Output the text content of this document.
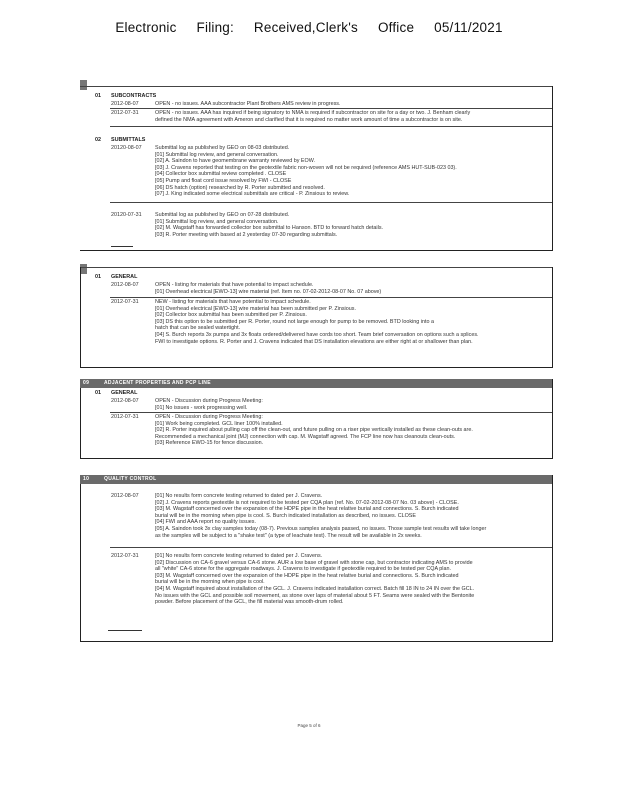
Electronic Filing: Received,Clerk's Office 05/11/2021
01 SUBCONTRACTS
2012-08-07	OPEN - no issues. AAA subcontractor Plant Brothers AMS review in progress.
2012-07-31	OPEN - no issues. AAA has inquired if being signatory to NMA is required if subcontractor on site for a day or two. J. Benham clearly
defined the NMA agreement with Ameron and clarified that it is required no matter work amount of time a subcontractor is on site.
02 SUBMITTALS
20120-08-07 Submittal log as published by GEO on 08-03 distributed.
[01] Submittal log review, and general conversation.
[02] A. Saindon to have geomembrane warranty reviewed by EOW.
[03] J. Cravens reported that testing on the geotextile fabric non-woven will not be required (reference AMS HUT-SUB-023 03).
[04] Collector box submittal review completed . CLOSE
[05] Pump and float cord issue resolved by FWI - CLOSE
[06] DS hatch (option) researched by R. Porter submitted and resolved.
[07] J. King indicated some electrical submittals are critical - P. Zinsious to review.
20120-07-31 Submittal log as published by GEO on 07-28 distributed.
[01] Submittal log review, and general conversation.
[02] M. Wagstaff has forwarded collector box submittal to Hanson. BTD to forward hatch details.
[03] R. Porter meeting with based at 2 yesterday 07-30 regarding submittals.
01 GENERAL
2012-08-07	OPEN - listing for materials that have potential to impact schedule.
[01] Overhead electrical [EWO-13] wire material (ref. Item no. 07-02-2012-08-07 No. 07 above)
2012-07-31	NEW - listing for materials that have potential to impact schedule.
[01] Overhead electrical [EWO-13] wire material has been submitted per P. Zinsious.
[02] Collector box submittal has been submitted per P. Zinsious.
[03] DS this option to be submitted per R. Porter, round not large enough for pump to be removed. BTD looking into a
hatch that can be sealed watertight.
[04] S. Burch reports 3x pumps and 3x floats ordered/delivered have cords too short. Team brief conversation on options such a splices.
FWI to investigate options. R. Porter and J. Cravens indicated that DS installation elevations are either right at or shallower than plan.
09	ADJACENT PROPERTIES AND PCP LINE
01 GENERAL
2012-08-07	OPEN - Discussion during Progress Meeting:
[01] No issues - work progressing well.
2012-07-31	OPEN - Discussion during Progress Meeting:
[01] Work being completed. GCL liner 100% installed.
[02] R. Porter inquired about pulling cap off the clean-out, and future pulling on a riser pipe vertically installed as these clean-outs are.
Recommended a mechanical joint (MJ) connection with cap. M. Wagstaff agreed. The FCP line now has cleanouts clean-outs.
[03] Reference EWO-15 for fence discussion.
10	QUALITY CONTROL
2012-08-07	[01] No results form concrete testing returned to dated per J. Cravens.
[02] J. Cravens reports geotextile is not required to be tested per CQA plan (ref. No. 07-02-2012-08-07 No. 03 above) - CLOSE.
[03] M. Wagstaff concerned over the expansion of the HDPE pipe in the heat relative burial and connections. S. Burch indicated
burial will be in the morning when pipe is cool. S. Burch indicated installation as described, no issues. CLOSE
[04] FWI and AAA report no quality issues.
[05] A. Saindon took 3x clay samples today (08-7). Previous samples analysis passed, no issues. Those sample test results will take longer
as the samples will be subject to a "shake test" (a type of leachate test). The result will be available in 2x weeks.
2012-07-31	[01] No results form concrete testing returned to dated per J. Cravens.
[02] Discussion on CA-6 gravel versus CA-6 stone. AUR a low base of gravel with stone cap, but contractor indicating AMS to provide
all "white" CA-6 stone for the aggregate roadways. J. Cravens to investigate if geotextile required to be tested per CQA plan.
[03] M. Wagstaff concerned over the expansion of the HDPE pipe in the heat relative burial and connections. S. Burch indicated
burial will be in the morning when pipe is cool.
[04] M. Wagstaff inquired about installation of the GCL. J. Cravens indicated installation correct. Batch fill 18 IN to 24 IN over the GCL.
No issues with the GCL and possible soil movement, as stone over laps of material about 5 FT. Seams were sealed with the Bentonite
powder. Before placement of the GCL, the fill material was smooth-drum rolled.
Page 5 of 6
